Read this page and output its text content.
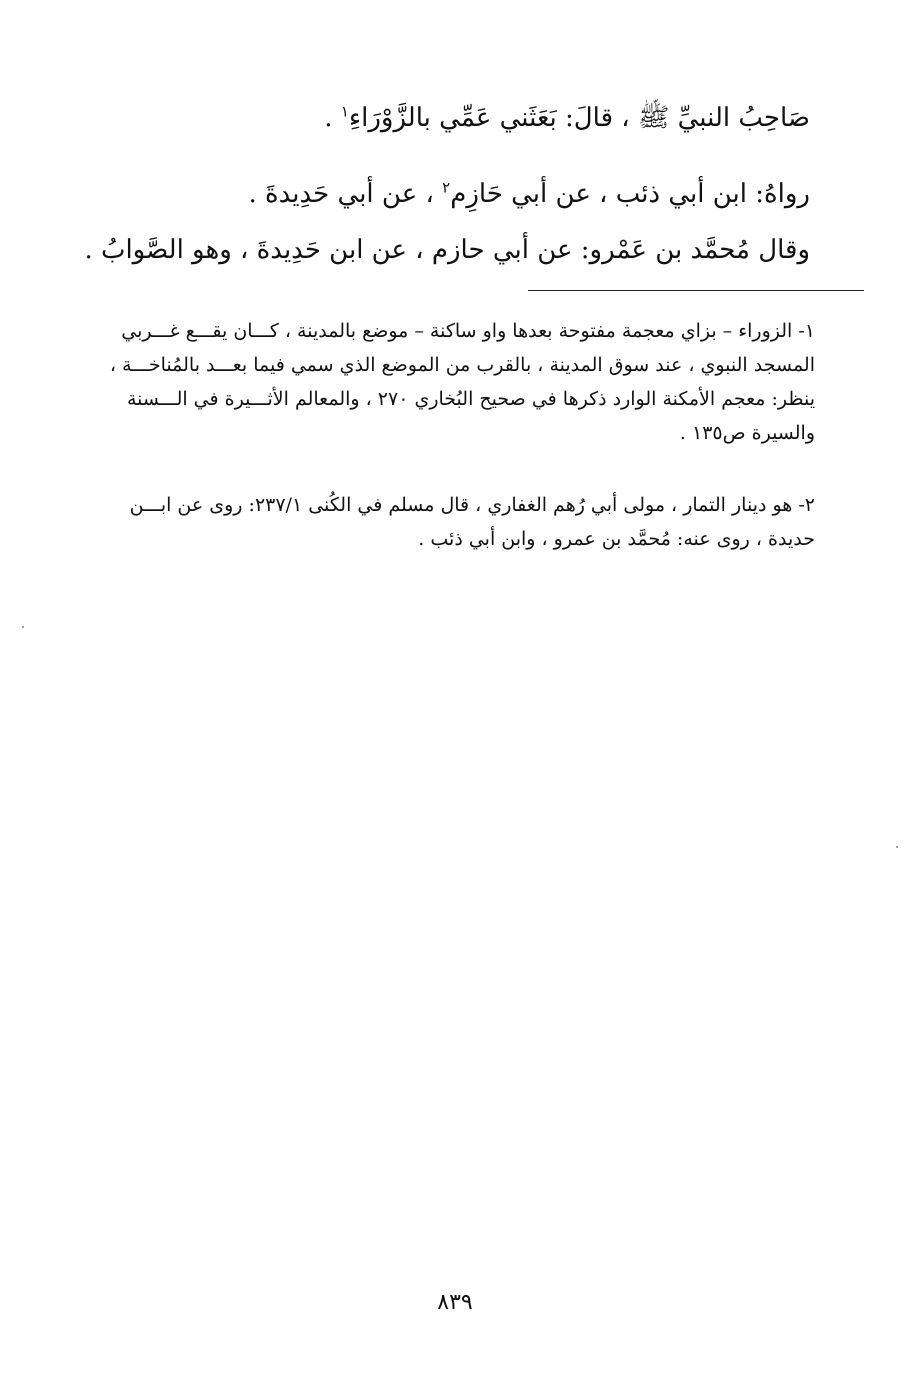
صَاحِبُ النبيِّ ﷺ ، قالَ: بَعَثَني عَمِّي بالزَّوْرَاءِ$^١$ .
رواهُ: ابن أبي ذئب ، عن أبي حَازِم$^٢$ ، عن أبي حَدِيدةَ .
وقال مُحمَّد بن عَمْرو: عن أبي حازم ، عن ابن حَدِيدةَ ، وهو الصَّوابُ .
١- الزوراء – بزاي معجمة مفتوحة بعدها واو ساكنة – موضع بالمدينة ، كـــان يقـــع غـــربي
المسجد النبوي ، عند سوق المدينة ، بالقرب من الموضع الذي سمي فيما بعـــد بالمُناخـــة ،
ينظر: معجم الأمكنة الوارد ذكرها في صحيح البُخاري ٢٧٠ ، والمعالم الأثـــيرة في الـــسنة
والسيرة ص١٣٥ .
٢- هو دينار التمار ، مولى أبي رُهم الغفاري ، قال مسلم في الكُنى ٢٣٧/١: روى عن ابـــن
حديدة ، روى عنه: مُحمَّد بن عمرو ، وابن أبي ذئب .
٨٣٩
